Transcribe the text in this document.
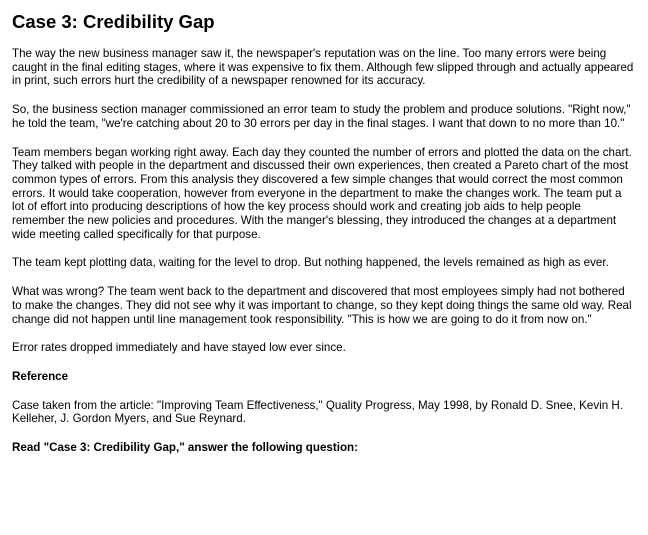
Case 3: Credibility Gap

The way the new business manager saw it, the newspaper's reputation was on the line. Too many errors were being caught in the final editing stages, where it was expensive to fix them. Although few slipped through and actually appeared in print, such errors hurt the credibility of a newspaper renowned for its accuracy.

So, the business section manager commissioned an error team to study the problem and produce solutions. "Right now," he told the team, "we're catching about 20 to 30 errors per day in the final stages. I want that down to no more than 10."

Team members began working right away. Each day they counted the number of errors and plotted the data on the chart. They talked with people in the department and discussed their own experiences, then created a Pareto chart of the most common types of errors. From this analysis they discovered a few simple changes that would correct the most common errors. It would take cooperation, however from everyone in the department to make the changes work. The team put a lot of effort into producing descriptions of how the key process should work and creating job aids to help people remember the new policies and procedures. With the manger's blessing, they introduced the changes at a department wide meeting called specifically for that purpose.

The team kept plotting data, waiting for the level to drop. But nothing happened, the levels remained as high as ever.

What was wrong? The team went back to the department and discovered that most employees simply had not bothered to make the changes. They did not see why it was important to change, so they kept doing things the same old way. Real change did not happen until line management took responsibility. "This is how we are going to do it from now on."

Error rates dropped immediately and have stayed low ever since.

Reference

Case taken from the article: "Improving Team Effectiveness," Quality Progress, May 1998, by Ronald D. Snee, Kevin H. Kelleher, J. Gordon Myers, and Sue Reynard.

Read "Case 3: Credibility Gap," answer the following question:
